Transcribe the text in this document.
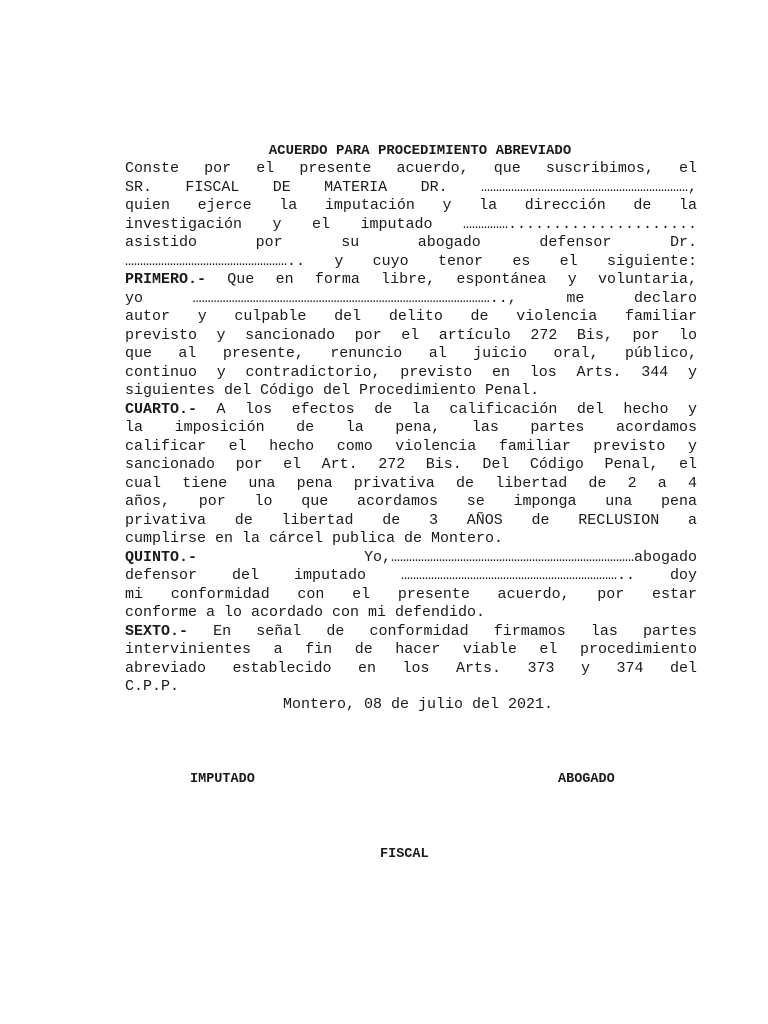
ACUERDO PARA PROCEDIMIENTO ABREVIADO
Conste por el presente acuerdo, que suscribimos, el
SR. FISCAL DE MATERIA DR. ……………………………………………………………,
quien ejerce la imputación y la dirección de la
investigación y el imputado …………….....................
asistido por su abogado defensor Dr.
……………………………………………….. y cuyo tenor es el siguiente:
PRIMERO.- Que en forma libre, espontánea y voluntaria,
yo ……………………………………………………………………………………….., me declaro
autor y culpable del delito de violencia familiar
previsto y sancionado por el artículo 272 Bis, por lo
que al presente, renuncio al juicio oral, público,
continuo y contradictorio, previsto en los Arts. 344 y
siguientes del Código del Procedimiento Penal.
CUARTO.- A los efectos de la calificación del hecho y
la imposición de la pena, las partes acordamos
calificar el hecho como violencia familiar previsto y
sancionado por el Art. 272 Bis. Del Código Penal, el
cual tiene una pena privativa de libertad de 2 a 4
años, por lo que acordamos se imponga una pena
privativa de libertad de 3 AÑOS de RECLUSION a
cumplirse en la cárcel publica de Montero.
QUINTO.-	Yo,………………………………………………………………………abogado
defensor del imputado ……………………………………………………………….. doy
mi conformidad con el presente acuerdo, por estar
conforme a lo acordado con mi defendido.
SEXTO.- En señal de conformidad firmamos las partes
intervinientes a fin de hacer viable el procedimiento
abreviado establecido en los Arts. 373 y 374 del
C.P.P.
Montero, 08 de julio del 2021.
IMPUTADO	ABOGADO
FISCAL
